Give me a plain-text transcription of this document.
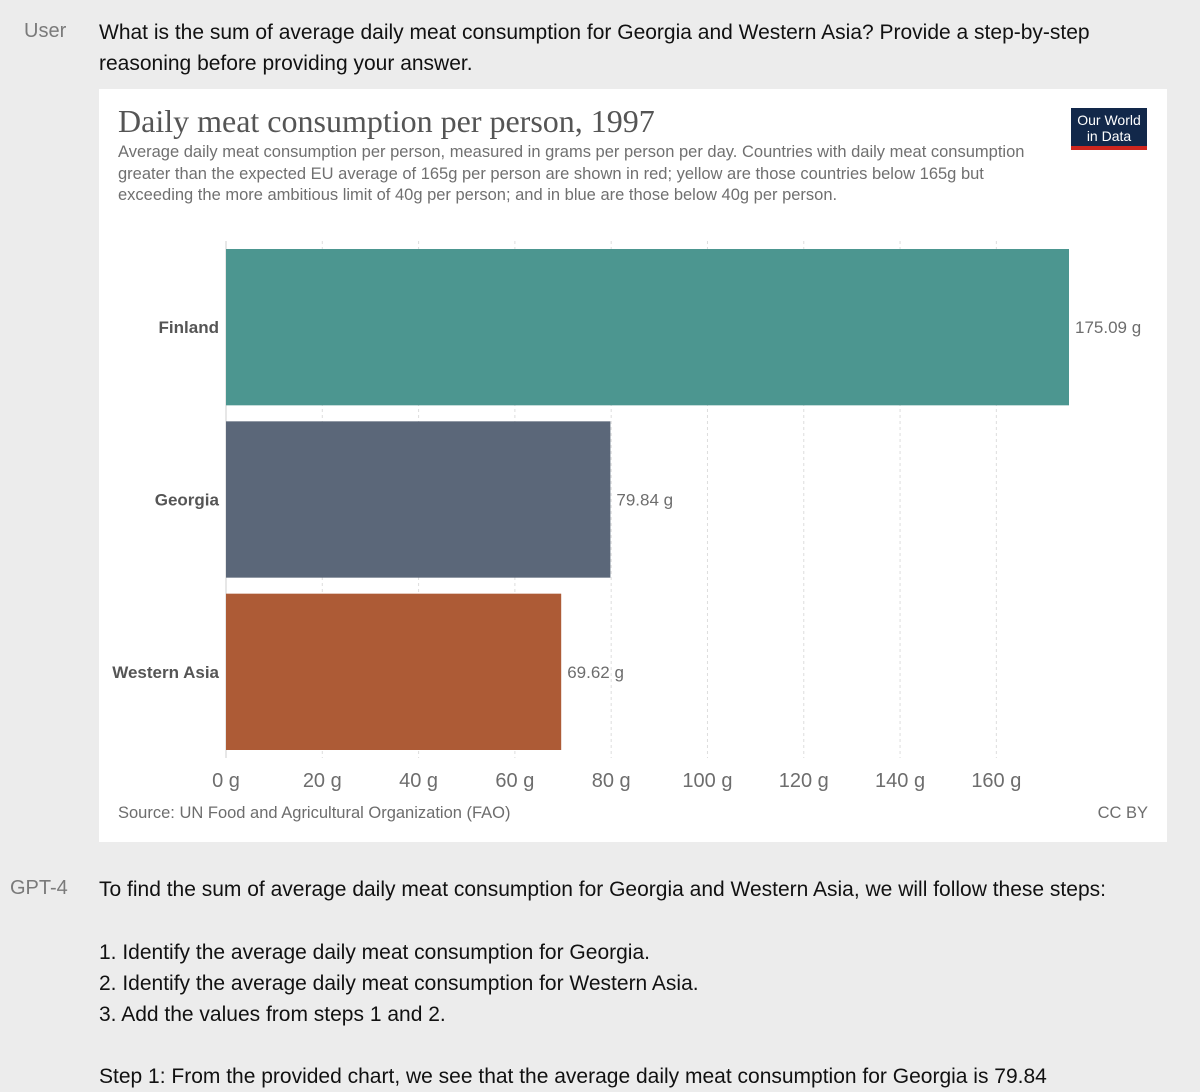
User What is the sum of average daily meat consumption for Georgia and Western Asia? Provide a step-by-step reasoning before providing your answer.
Daily meat consumption per person, 1997
Average daily meat consumption per person, measured in grams per person per day. Countries with daily meat consumption greater than the expected EU average of 165g per person are shown in red; yellow are those countries below 165g but exceeding the more ambitious limit of 40g per person; and in blue are those below 40g per person.
Our World
in Data
Finland	175.09 g
Georgia	79.84 g
Western Asia	69.62 g
0 g	20 g	40 g	60 g	80 g	100 g 120 g 140 g 160 g
Source: UN Food and Agricultural Organization (FAO)	CC BY
GPT-4 To find the sum of average daily meat consumption for Georgia and Western Asia, we will follow these steps:
1. Identify the average daily meat consumption for Georgia.
2. Identify the average daily meat consumption for Western Asia.
3. Add the values from steps 1 and 2.
Step 1: From the provided chart, we see that the average daily meat consumption for Georgia is 79.84
